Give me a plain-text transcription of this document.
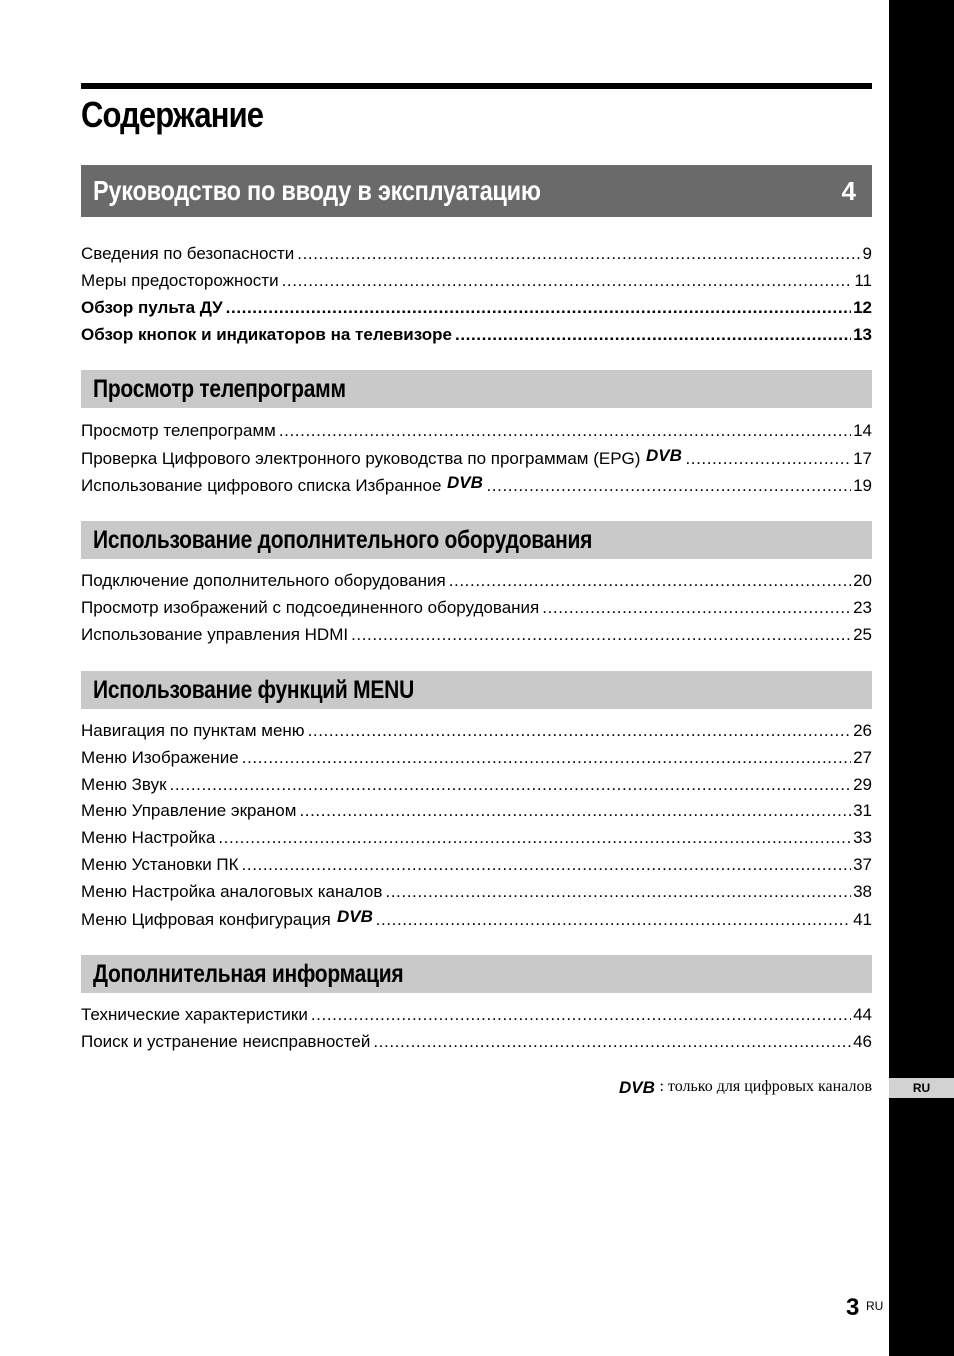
RU
Содержание
Руководство по вводу в эксплуатацию	4
Сведения по безопасности .....	9
Меры предосторожности .....	11
Обзор пульта ДУ .....	12
Обзор кнопок и индикаторов на телевизоре .....	13
Просмотр телепрограмм
Просмотр телепрограмм .....	14
Проверка Цифрового электронного руководства по программам (EPG) DVB .....	17
Использование цифрового списка Избранное DVB .....	19
Использование дополнительного оборудования
Подключение дополнительного оборудования .....	20
Просмотр изображений с подсоединенного оборудования .....	23
Использование управления HDMI .....	25
Использование функций MENU
Навигация по пунктам меню .....	26
Меню Изображение .....	27
Меню Звук .....	29
Меню Управление экраном .....	31
Меню Настройка .....	33
Меню Установки ПК .....	37
Меню Настройка аналоговых каналов .....	38
Меню Цифровая конфигурация DVB .....	41
Дополнительная информация
Технические характеристики .....	44
Поиск и устранение неисправностей .....	46
DVB : только для цифровых каналов
3 RU
